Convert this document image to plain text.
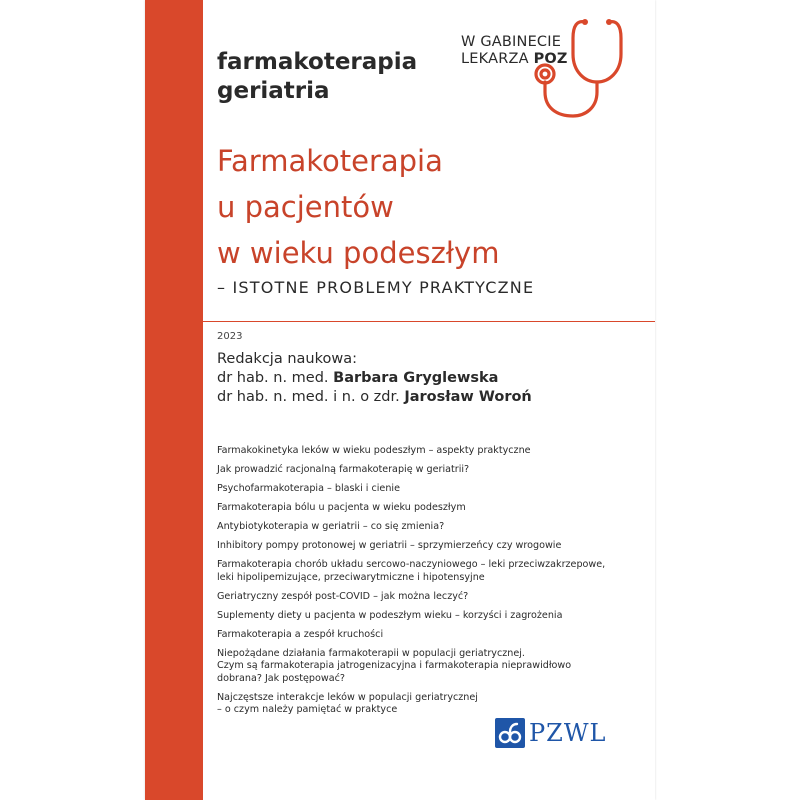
farmakoterapia
geriatria
W GABINECIE
LEKARZA POZ
Farmakoterapia
u pacjentów
w wieku podeszłym
– ISTOTNE PROBLEMY PRAKTYCZNE
2023
Redakcja naukowa:
dr hab. n. med. Barbara Gryglewska
dr hab. n. med. i n. o zdr. Jarosław Woroń
Farmakokinetyka leków w wieku podeszłym – aspekty praktyczne
Jak prowadzić racjonalną farmakoterapię w geriatrii?
Psychofarmakoterapia – blaski i cienie
Farmakoterapia bólu u pacjenta w wieku podeszłym
Antybiotykoterapia w geriatrii – co się zmienia?
Inhibitory pompy protonowej w geriatrii – sprzymierzeńcy czy wrogowie
Farmakoterapia chorób układu sercowo-naczyniowego – leki przeciwzakrzepowe,
leki hipolipemizujące, przeciwarytmiczne i hipotensyjne
Geriatryczny zespół post-COVID – jak można leczyć?
Suplementy diety u pacjenta w podeszłym wieku – korzyści i zagrożenia
Farmakoterapia a zespół kruchości
Niepożądane działania farmakoterapii w populacji geriatrycznej.
Czym są farmakoterapia jatrogenizacyjna i farmakoterapia nieprawidłowo
dobrana? Jak postępować?
Najczęstsze interakcje leków w populacji geriatrycznej
– o czym należy pamiętać w praktyce
PZWL
